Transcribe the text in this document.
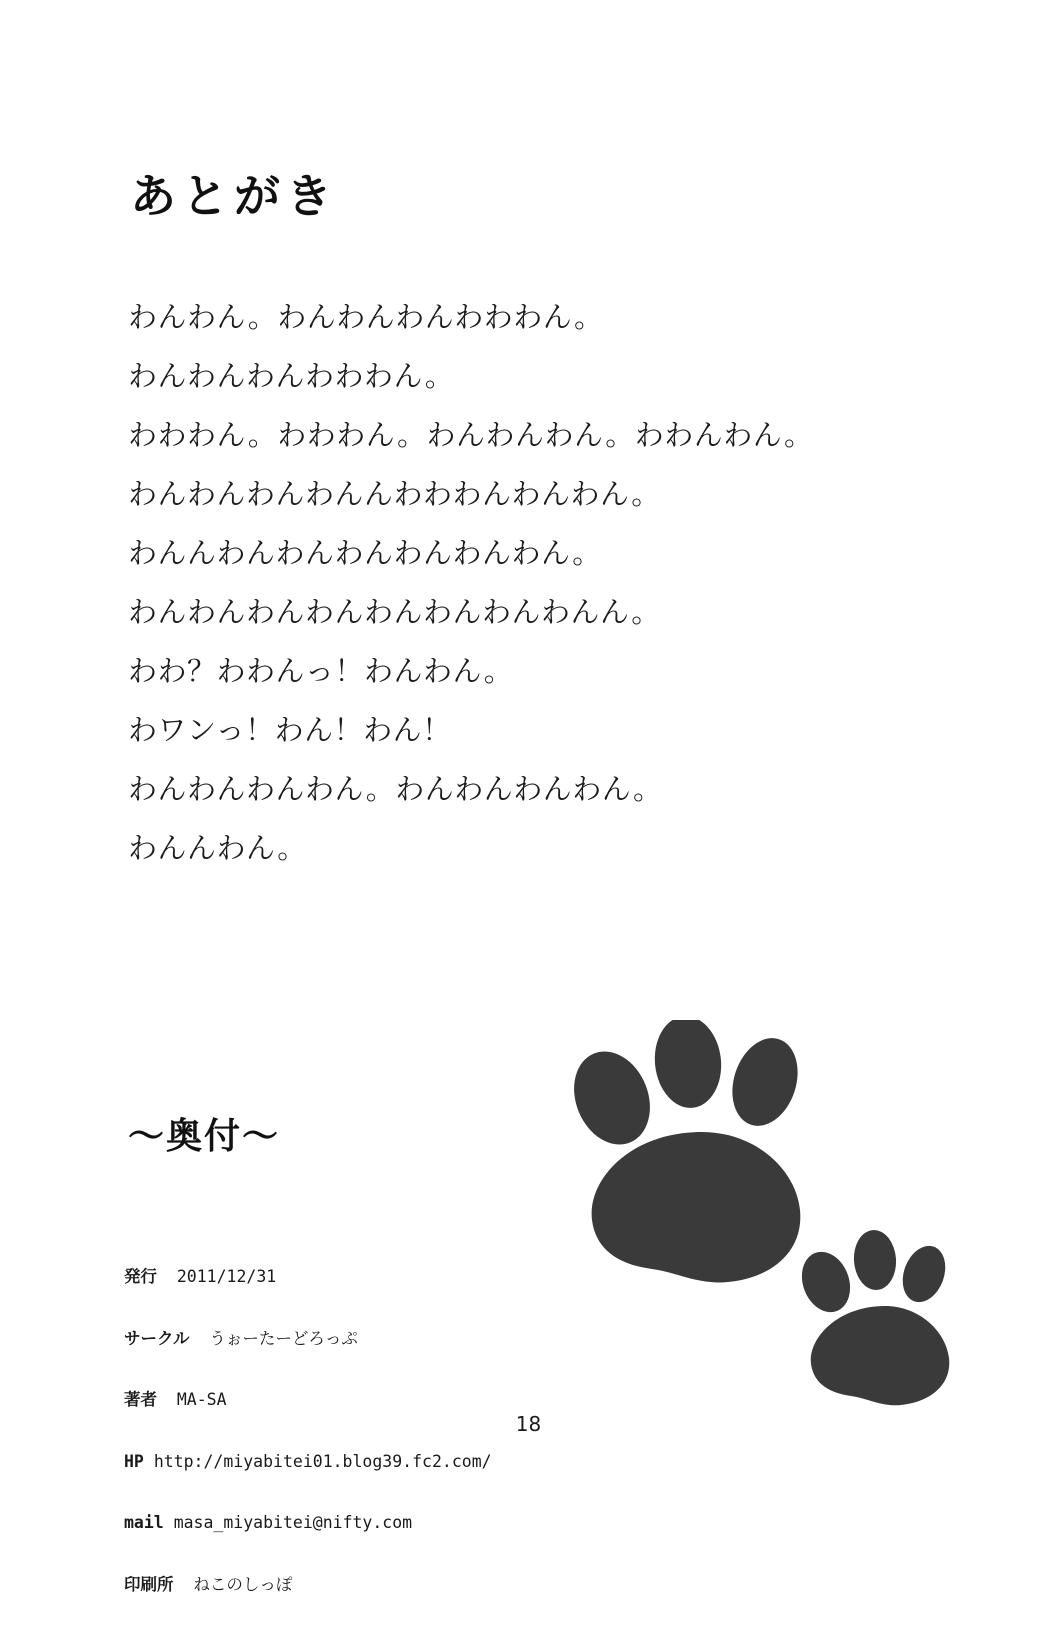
あとがき
わんわん。わんわんわんわわわん。
わんわんわんわわわん。
わわわん。わわわん。わんわんわん。わわんわん。
わんわんわんわんんわわわんわんわん。
わんんわんわんわんわんわんわん。
わんわんわんわんわんわんわんわんん。
わわ？わわんっ！わんわん。
わワンっ！わん！わん！
わんわんわんわん。わんわんわんわん。
わんんわん。
〜奥付〜

発行 2011/12/31

サークル うぉーたーどろっぷ

著者 MA-SA

HP http://miyabitei01.blog39.fc2.com/

mail masa_miyabitei@nifty.com

印刷所 ねこのしっぽ

18
